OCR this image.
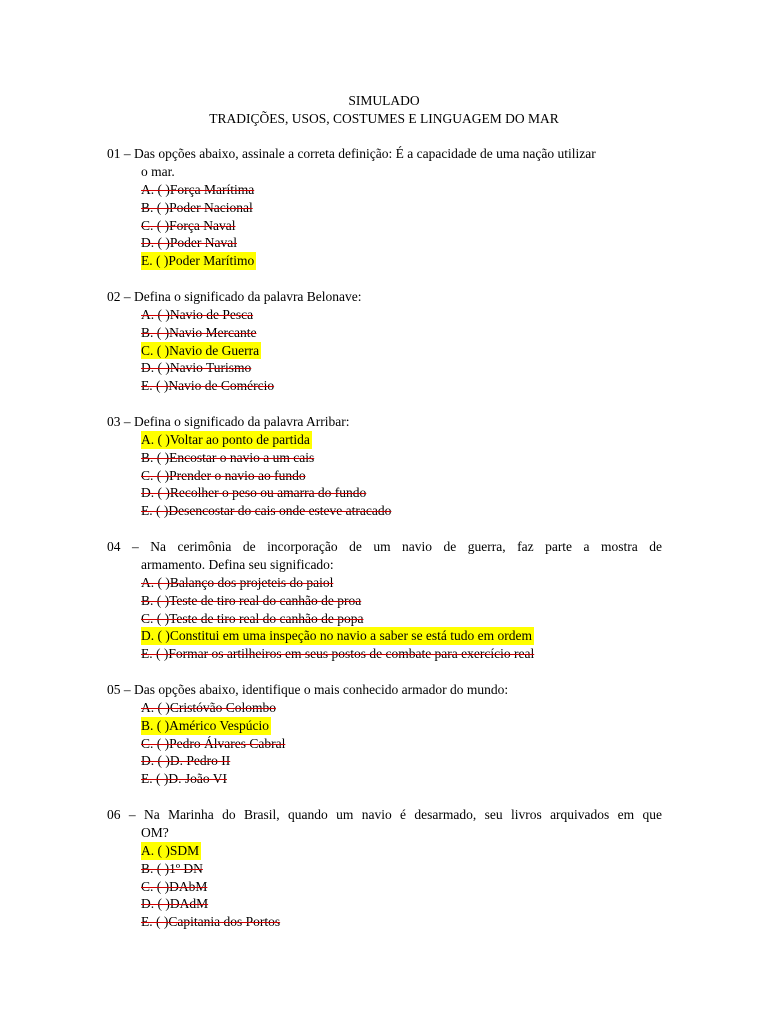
SIMULADO
TRADIÇÕES, USOS, COSTUMES E LINGUAGEM DO MAR
01 – Das opções abaixo, assinale a correta definição: É a capacidade de uma nação utilizar
o mar.
A. ( )Força Marítima
B. ( )Poder Nacional
C. ( )Força Naval
D. ( )Poder Naval
E. ( )Poder Marítimo
02 – Defina o significado da palavra Belonave:
A. ( )Navio de Pesca
B. ( )Navio Mercante
C. ( )Navio de Guerra
D. ( )Navio Turismo
E. ( )Navio de Comércio
03 – Defina o significado da palavra Arribar:
A. ( )Voltar ao ponto de partida
B. ( )Encostar o navio a um cais
C. ( )Prender o navio ao fundo
D. ( )Recolher o peso ou amarra do fundo
E. ( )Desencostar do cais onde esteve atracado
04 – Na cerimônia de incorporação de um navio de guerra, faz parte a mostra de
armamento. Defina seu significado:
A. ( )Balanço dos projeteis do paiol
B. ( )Teste de tiro real do canhão de proa
C. ( )Teste de tiro real do canhão de popa
D. ( )Constitui em uma inspeção no navio a saber se está tudo em ordem
E. ( )Formar os artilheiros em seus postos de combate para exercício real
05 – Das opções abaixo, identifique o mais conhecido armador do mundo:
A. ( )Cristóvão Colombo
B. ( )Américo Vespúcio
C. ( )Pedro Álvares Cabral
D. ( )D. Pedro II
E. ( )D. João VI
06 – Na Marinha do Brasil, quando um navio é desarmado, seu livros arquivados em que
OM?
A. ( )SDM
B. ( )1º DN
C. ( )DAbM
D. ( )DAdM
E. ( )Capitania dos Portos
